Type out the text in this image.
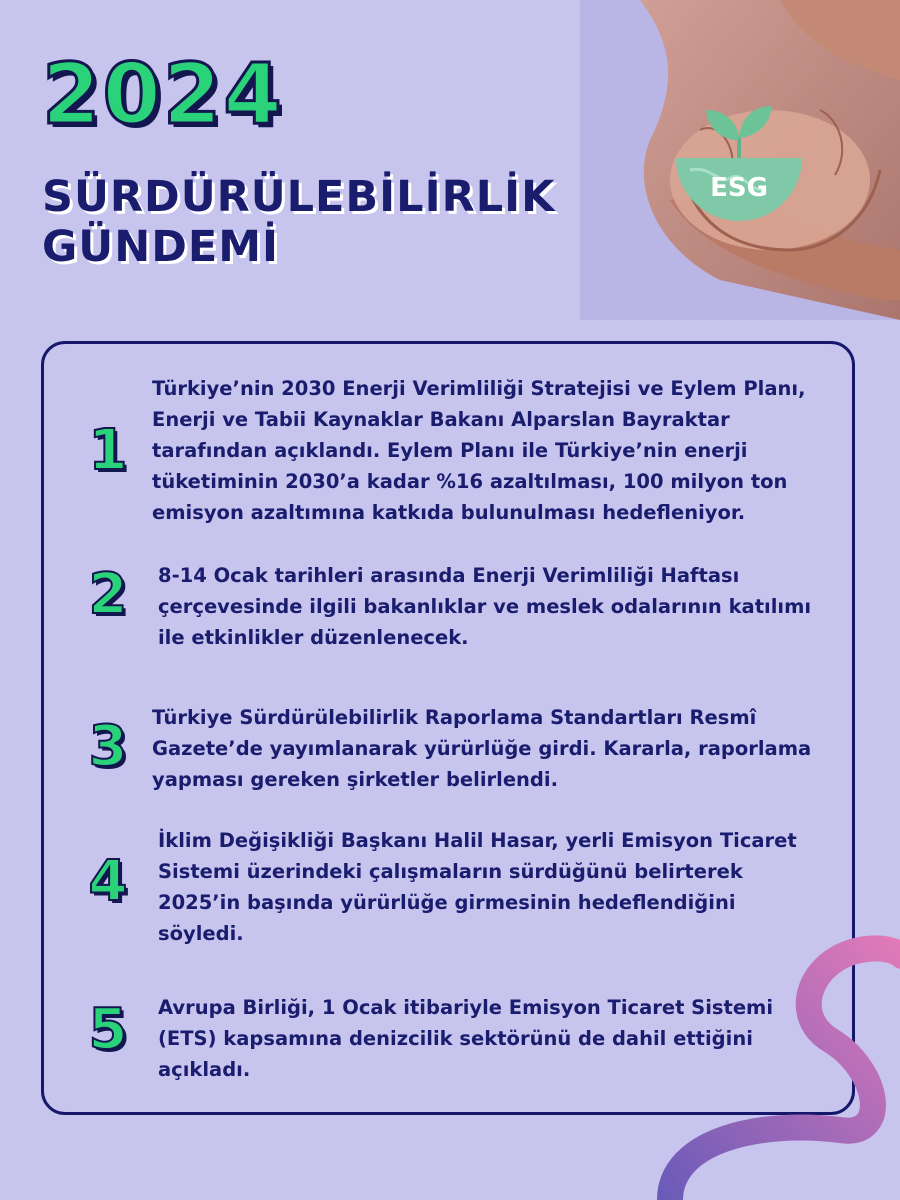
2024
SÜRDÜRÜLEBİLİRLİK
GÜNDEMİ
ESG
1
Türkiye’nin 2030 Enerji Verimliliği Stratejisi ve Eylem Planı, Enerji ve Tabii Kaynaklar Bakanı Alparslan Bayraktar tarafından açıklandı. Eylem Planı ile Türkiye’nin enerji tüketiminin 2030’a kadar %16 azaltılması, 100 milyon ton emisyon azaltımına katkıda bulunulması hedefleniyor.
2	8-14 Ocak tarihleri arasında Enerji Verimliliği Haftası çerçevesinde ilgili bakanlıklar ve meslek odalarının katılımı ile etkinlikler düzenlenecek.
3	Türkiye Sürdürülebilirlik Raporlama Standartları Resmî Gazete’de yayımlanarak yürürlüğe girdi. Kararla, raporlama yapması gereken şirketler belirlendi.
4
İklim Değişikliği Başkanı Halil Hasar, yerli Emisyon Ticaret Sistemi üzerindeki çalışmaların sürdüğünü belirterek 2025’in başında yürürlüğe girmesinin hedeflendiğini söyledi.
5	Avrupa Birliği, 1 Ocak itibariyle Emisyon Ticaret Sistemi (ETS) kapsamına denizcilik sektörünü de dahil ettiğini açıkladı.
